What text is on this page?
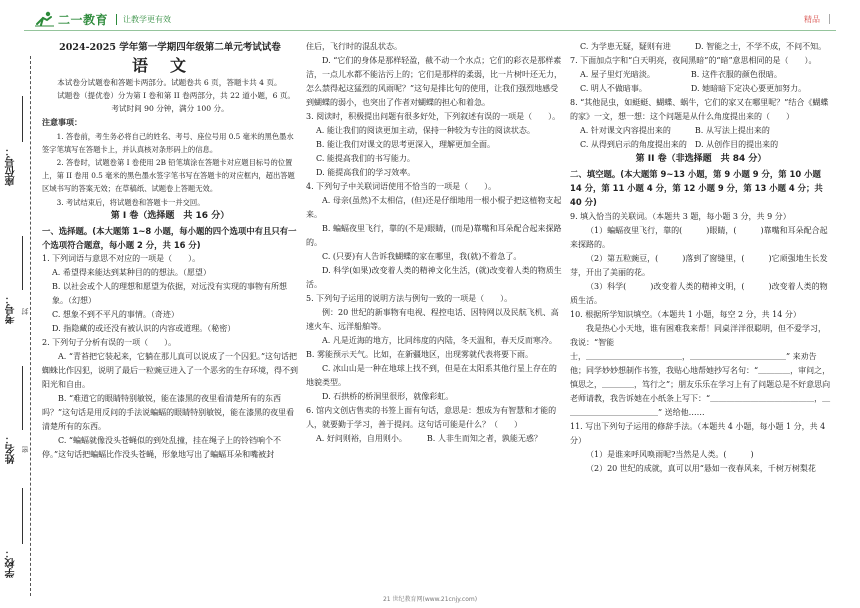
二一教育	让教学更有效	精品
座位号：
考号： 封
姓名： 密
学校：

2024-2025 学年第一学期四年级第二单元考试试卷

语文

本试卷分试题卷和答题卡两部分。试题卷共 6 页，答题卡共 4 页。

试题卷（提优卷）分为第 I 卷和第 II 卷两部分，共 22 道小题，6 页。

考试时间 90 分钟，满分 100 分。

注意事项：

1. 答卷前，考生务必将自己的姓名、考号、座位号用 0.5 毫米的黑色墨水签字笔填写在答题卡上，并认真核对条形码上的信息。

2. 答卷时，试题卷第 I 卷使用 2B 铅笔填涂在答题卡对应题目标号的位置上，第 II 卷用 0.5 毫米的黑色墨水签字笔书写在答题卡的对应框内，超出答题区域书写的答案无效；在草稿纸、试题卷上答题无效。

3. 考试结束后，将试题卷和答题卡一并交回。

第 I 卷（选择题　共 16 分）

一、选择题。(本大题第 1~8 小题，每小题的四个选项中有且只有一个选项符合题意，每小题 2 分，共 16 分)

1. 下列词语与意思不对应的一项是（　　）。

A. 希望得来能达到某种目的的想法。（愿望）

B. 以社会或个人的理想和愿望为依据，对远没有实现的事物有所想象。（幻想）

C. 想象不到不平凡的事情。（奇迹）

D. 指隐藏的或还没有被认识的内容或道理。（秘密）

2. 下列句子分析有误的一项（　　）。

A. “青苔把它装起来，它躺在那儿真可以说成了一个囚犯。”这句话把蜘蛛比作囚犯，说明了最后一粒豌豆进入了一个恶劣的生存环境，得不到阳光和自由。

B. “难道它的眼睛特别敏锐，能在漆黑的夜里看清楚所有的东西吗？”这句话是用反问的手法说蝙蝠的眼睛特别敏锐，能在漆黑的夜里看清楚所有的东西。

C. “蝙蝠就像没头苍蝇似的到处乱撞，挂在绳子上的铃铛响个不停。”这句话把蝙蝠比作没头苍蝇，形象地写出了蝙蝠耳朵和嘴被封

住后，飞行时的混乱状态。

D. “它们的身体是那样轻盈，截不动一个水点；它们的彩衣是那样素洁，一点儿水都不能沾污上的；它们是那样的柔弱，比一片树叶还无力，怎么禁得起这猛烈的风雨呢？”这句是排比句的使用，让我们强烈地感受到蝴蝶的弱小，也突出了作者对蝴蝶的担心和着急。

3. 阅读时，积极提出问题有很多好处，下列叙述有误的一项是（　　）。

A. 能让我们的阅读更加主动，保持一种较为专注的阅读状态。

B. 能让我们对课文的思考更深入，理解更加全面。

C. 能提高我们的书写能力。

D. 能提高我们的学习效率。

4. 下列句子中关联词语使用不恰当的一项是（　　）。

A. 母亲(虽然)不太相信，(但)还是仔细地用一根小棍子把这植物支起来。

B. 蝙蝠夜里飞行，靠的(不是)眼睛，(而是)靠嘴和耳朵配合起来探路的。

C. (只要)有人告诉我蝴蝶的家在哪里，我(就)不着急了。

D. 科学(如果)改变着人类的精神文化生活，(就)改变着人类的物质生活。

5. 下列句子运用的说明方法与例句一致的一项是（　　）。

例：20 世纪的新事物有电视、程控电话、因特网以及民航飞机、高速火车、远洋船舶等。

A. 凡是近海的地方，比同纬度的内陆，冬天温和，春天反而寒冷。B. 雾能预示天气。比如，在新疆地区，出现雾就代表将要下雨。

C. 冰山山是一种在地球上找不到，但是在太阳系其他行星上存在的地貌类型。

D. 石拱桥的桥洞里很形，就像彩虹。

6. 馆内文创店售卖的书签上面有句话，意思是：想成为有智慧和才能的人，就要勤于学习，善于提问。这句话可能是什么？（　　）

A. 好问则裕，自用则小。　　　B. 人非生而知之者，孰能无惑？

C. 为学患无疑，疑则有进　　　D. 智能之士，不学不成，不问不知。

7. 下面加点字和“白天明亮，夜间黑暗”的“暗”意思相同的是（　　）。

A. 屋子里灯光暗淡。　　　　　B. 这件衣服的颜色很暗。

C. 明人不做暗事。　　　　　　D. 她暗暗下定决心要更加努力。

8. “其他昆虫，如蜓蜓、蝴蝶、蜗牛，它们的家又在哪里呢？”结合《蝴蝶的家》一文，想一想：这个问题是从什么角度提出来的（　　）

A. 针对课文内容提出来的　　　B. 从写法上提出来的

C. 从得到启示的角度提出来的　D. 从创作目的提出来的

第 II 卷（非选择题　共 84 分）

二、填空题。(本大题第 9~13 小题，第 9 小题 9 分，第 10 小题 14 分，第 11 小题 4 分，第 12 小题 9 分，第 13 小题 4 分；共 40 分)

9. 填入恰当的关联词。（本题共 3 题，每小题 3 分，共 9 分）

（1）蝙蝠夜里飞行，靠的(　　　)眼睛，(　　　)靠嘴和耳朵配合起来探路的。

（2）第五粒豌豆，(　　　)落到了窗缝里，(　　　)它顽强地生长发芽，开出了美丽的花。

（3）科学(　　　)改变着人类的精神文明，(　　　)改变着人类的物质生活。

10. 根据所学知识填空。（本题共 1 小题，每空 2 分，共 14 分）

我是热心小天地，谁有困难我来帮！同桌洋洋很聪明，但不爱学习，我说：“智能

士，＿＿＿＿＿＿＿＿＿＿＿＿，＿＿＿＿＿＿＿＿＿＿＿＿” 来劝告他；同学妙妙想制作书签，我贴心地帮她抄写名句：“＿＿＿＿，审问之，慎思之，＿＿＿＿，笃行之”；朋友乐乐在学习上有了问题总是不好意思向老师请教，我告诉她在小纸条上写下：“＿＿＿＿＿＿＿＿＿＿＿＿＿，＿＿＿＿＿＿＿＿＿＿＿＿” 送给他……

11. 写出下列句子运用的修辞手法。（本题共 4 小题，每小题 1 分，共 4 分）

（1）是谁来呼风唤雨呢?当然是人类。(　　　)

（2）20 世纪的成就，真可以用“悬如一夜春风来，千树万树梨花

21 世纪教育网(www.21cnjy.com)
